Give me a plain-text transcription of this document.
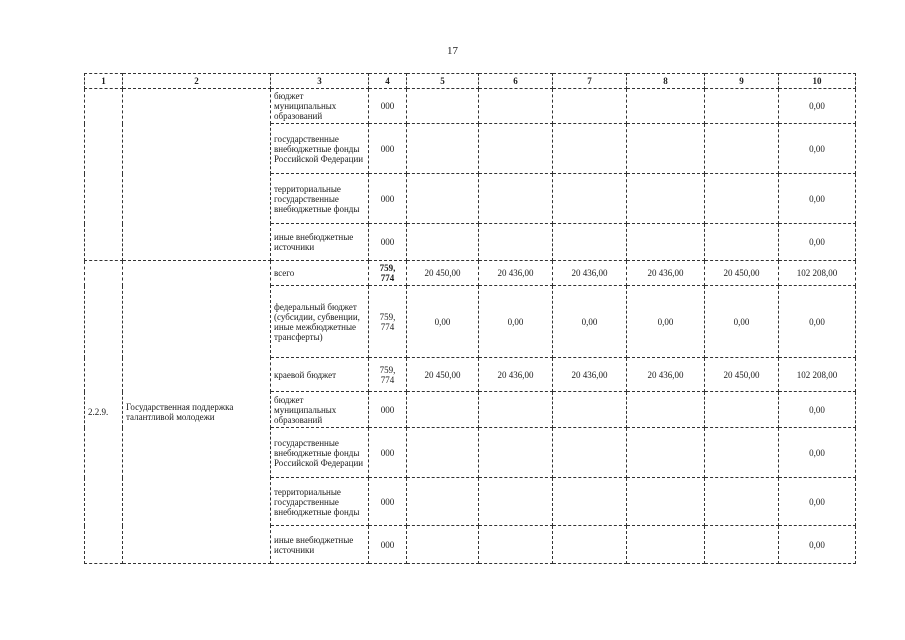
17
1	2	3	4	5	6	7	8	9	10
		бюджет муниципальных образований	000						0,00
		государственные внебюджетные фонды Российской Федерации	000						0,00
		территориальные государственные внебюджетные фонды	000						0,00
		иные внебюджетные источники	000						0,00
2.2.9.	Государственная поддержка талантливой молодежи	всего	759, 774	20 450,00	20 436,00	20 436,00	20 436,00	20 450,00	102 208,00
		федеральный бюджет (субсидии, субвенции, иные межбюджетные трансферты)	759, 774	0,00	0,00	0,00	0,00	0,00	0,00
		краевой бюджет	759, 774	20 450,00	20 436,00	20 436,00	20 436,00	20 450,00	102 208,00
		бюджет муниципальных образований	000						0,00
		государственные внебюджетные фонды Российской Федерации	000						0,00
		территориальные государственные внебюджетные фонды	000						0,00
		иные внебюджетные источники	000						0,00
